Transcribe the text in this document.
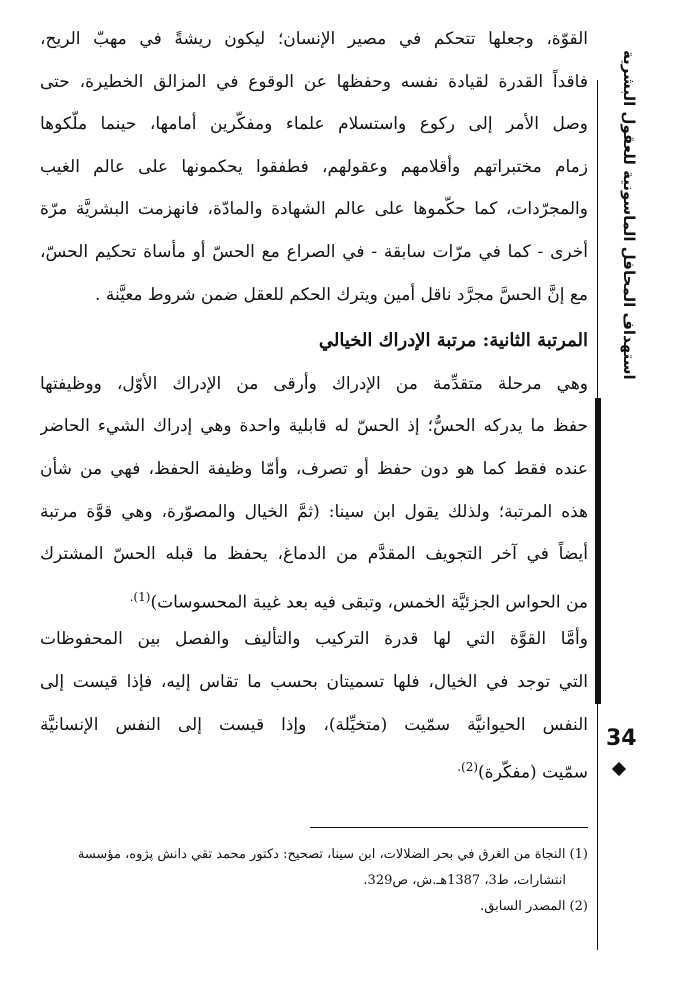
القوّة، وجعلها تتحكم في مصير الإنسان؛ ليكون ريشةً في مهبّ الريح،
فاقداً القدرة لقيادة نفسه وحفظها عن الوقوع في المزالق الخطيرة، حتى
وصل الأمر إلى ركوع واستسلام علماء ومفكّرين أمامها، حينما ملّكوها
زمام مختبراتهم وأقلامهم وعقولهم، فطفقوا يحكمونها على عالم الغيب
والمجرّدات، كما حكّموها على عالم الشهادة والمادّة، فانهزمت البشريَّة مرّة
أخرى - كما في مرّات سابقة - في الصراع مع الحسّ أو مأساة تحكيم الحسّ،
مع إنَّ الحسَّ مجرَّد ناقل أمين ويترك الحكم للعقل ضمن شروط معيَّنة .
المرتبة الثانية: مرتبة الإدراك الخيالي
وهي مرحلة متقدِّمة من الإدراك وأرقى من الإدراك الأوّل، ووظيفتها
حفظ ما يدركه الحسُّ؛ إذ الحسّ له قابلية واحدة وهي إدراك الشيء الحاضر
عنده فقط كما هو دون حفظ أو تصرف، وأمّا وظيفة الحفظ، فهي من شأن
هذه المرتبة؛ ولذلك يقول ابن سينا: (ثمَّ الخيال والمصوّرة، وهي قوَّة مرتبة
أيضاً في آخر التجويف المقدَّم من الدماغ، يحفظ ما قبله الحسّ المشترك
من الحواس الجزئيَّة الخمس، وتبقى فيه بعد غيبة المحسوسات)$^{(1).}$
وأمَّا القوَّة التي لها قدرة التركيب والتأليف والفصل بين المحفوظات
التي توجد في الخيال، فلها تسميتان بحسب ما تقاس إليه، فإذا قيست إلى
النفس الحيوانيَّة سمّيت (متخيِّلة)، وإذا قيست إلى النفس الإنسانيَّة
سمّيت (مفكّرة)$^{(2).}$
(1) النجاة من الغرق في بحر الضلالات، ابن سينا، تصحيح: دكتور محمد تقي دانش پژوه، مؤسسة
انتشارات، ط3، 1387هـ.ش، ص329.
(2) المصدر السابق.
استهداف المحافل الماسونية للعقول البشرية
34
